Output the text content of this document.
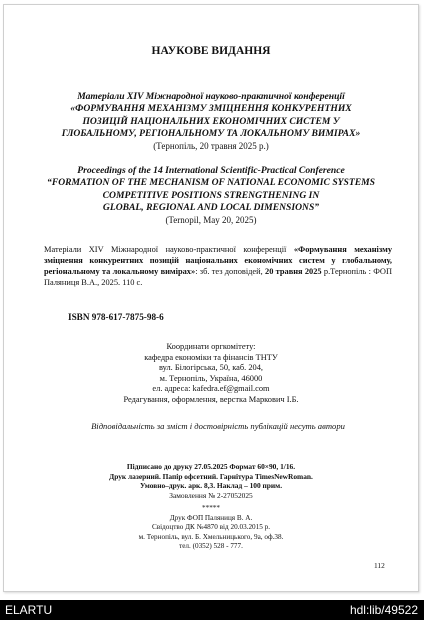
НАУКОВЕ ВИДАННЯ
Матеріали XIV Міжнародної науково-практичної конференції
«ФОРМУВАННЯ МЕХАНІЗМУ ЗМІЦНЕННЯ КОНКУРЕНТНИХ
ПОЗИЦІЙ НАЦІОНАЛЬНИХ ЕКОНОМІЧНИХ СИСТЕМ У
ГЛОБАЛЬНОМУ, РЕГІОНАЛЬНОМУ ТА ЛОКАЛЬНОМУ ВИМІРАХ»
(Тернопіль, 20 травня 2025 р.)
Proceedings of the 14 International Scientific-Practical Conference
“FORMATION OF THE MECHANISM OF NATIONAL ECONOMIC SYSTEMS
COMPETITIVE POSITIONS STRENGTHENING IN
GLOBAL, REGIONAL AND LOCAL DIMENSIONS”
(Ternopil, May 20, 2025)
Матеріали XIV Міжнародної науково-практичної конференції «Формування механізму зміцнення конкурентних позицій національних економічних систем у глобальному, регіональному та локальному вимірах»: зб. тез доповідей, 20 травня 2025 р.Тернопіль : ФОП Паляниця В.А., 2025. 110 с.
ISBN 978-617-7875-98-6
Координати оргкомітету:
кафедра економіки та фінансів ТНТУ
вул. Білогірська, 50, каб. 204,
м. Тернопіль, Україна, 46000
ел. адреса: kafedra.ef@gmail.com
Редагування, оформлення, верстка Маркович І.Б.
Відповідальність за зміст і достовірність публікацій несуть автори
Підписано до друку 27.05.2025 Формат 60×90, 1/16.
Друк лазерний. Папір офсетний. Гарнітура TimesNewRoman.
Умовно–друк. арк. 8,3. Наклад – 100 прим.
Замовлення № 2-27052025
*****
Друк ФОП Паляниця В. А.
Свідоцтво ДК №4870 від 20.03.2015 р.
м. Тернопіль, вул. Б. Хмельницького, 9а, оф.38.
тел. (0352) 528 - 777.
112
ELARTU	hdl:lib/49522
